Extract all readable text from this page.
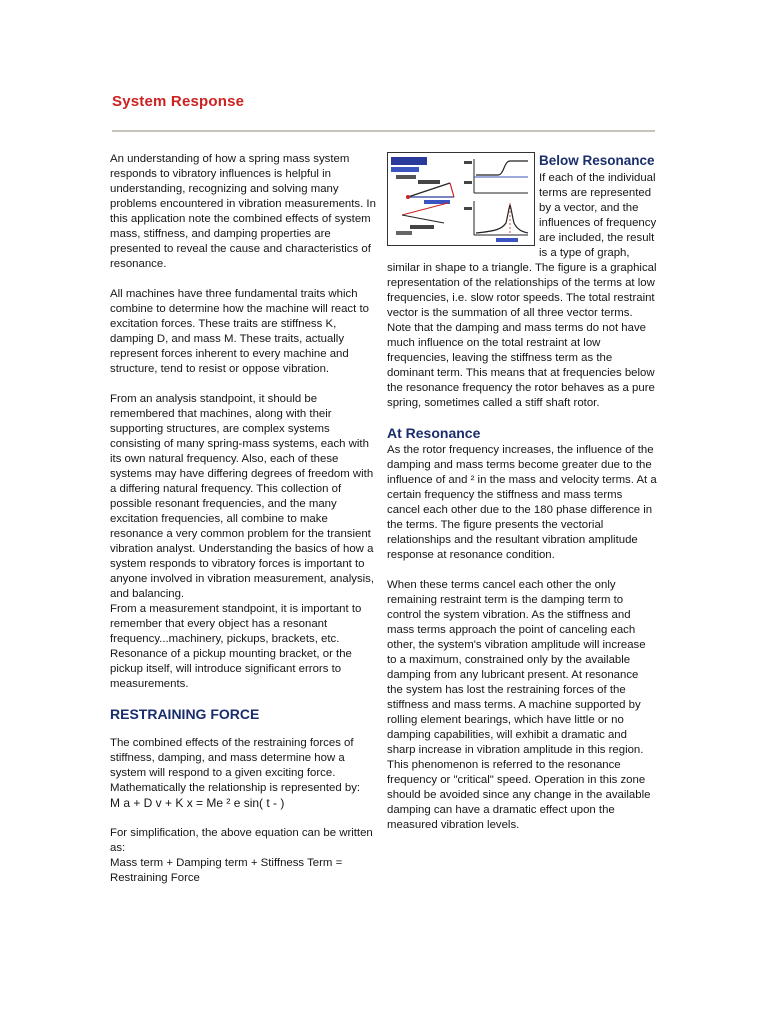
System Response

An understanding of how a spring mass system responds to vibratory influences is helpful in understanding, recognizing and solving many problems encountered in vibration measurements. In this application note the combined effects of system mass, stiffness, and damping properties are presented to reveal the cause and characteristics of resonance.

All machines have three fundamental traits which combine to determine how the machine will react to excitation forces. These traits are stiffness K, damping D, and mass M. These traits, actually represent forces inherent to every machine and structure, tend to resist or oppose vibration.

From an analysis standpoint, it should be remembered that machines, along with their supporting structures, are complex systems consisting of many spring-mass systems, each with its own natural frequency. Also, each of these systems may have differing degrees of freedom with a differing natural frequency. This collection of possible resonant frequencies, and the many excitation frequencies, all combine to make resonance a very common problem for the transient vibration analyst. Understanding the basics of how a system responds to vibratory forces is important to anyone involved in vibration measurement, analysis, and balancing.

From a measurement standpoint, it is important to remember that every object has a resonant frequency...machinery, pickups, brackets, etc. Resonance of a pickup mounting bracket, or the pickup itself, will introduce significant errors to measurements.

RESTRAINING FORCE

The combined effects of the restraining forces of stiffness, damping, and mass determine how a system will respond to a given exciting force. Mathematically the relationship is represented by:

M a + D v + K x = Me ² e sin( t - )

For simplification, the above equation can be written as:

Mass term + Damping term + Stiffness Term = Restraining Force

Below Resonance

If each of the individual terms are represented by a vector, and the influences of frequency are included, the result is a type of graph, similar in shape to a triangle. The figure is a graphical representation of the relationships of the terms at low frequencies, i.e. slow rotor speeds. The total restraint vector is the summation of all three vector terms. Note that the damping and mass terms do not have much influence on the total restraint at low frequencies, leaving the stiffness term as the dominant term. This means that at frequencies below the resonance frequency the rotor behaves as a pure spring, sometimes called a stiff shaft rotor.

At Resonance

As the rotor frequency increases, the influence of the damping and mass terms become greater due to the influence of and ² in the mass and velocity terms. At a certain frequency the stiffness and mass terms cancel each other due to the 180 phase difference in the terms. The figure presents the vectorial relationships and the resultant vibration amplitude response at resonance condition.

When these terms cancel each other the only remaining restraint term is the damping term to control the system vibration. As the stiffness and mass terms approach the point of canceling each other, the system's vibration amplitude will increase to a maximum, constrained only by the available damping from any lubricant present. At resonance the system has lost the restraining forces of the stiffness and mass terms. A machine supported by rolling element bearings, which have little or no damping capabilities, will exhibit a dramatic and sharp increase in vibration amplitude in this region. This phenomenon is referred to the resonance frequency or "critical" speed. Operation in this zone should be avoided since any change in the available damping can have a dramatic effect upon the measured vibration levels.
